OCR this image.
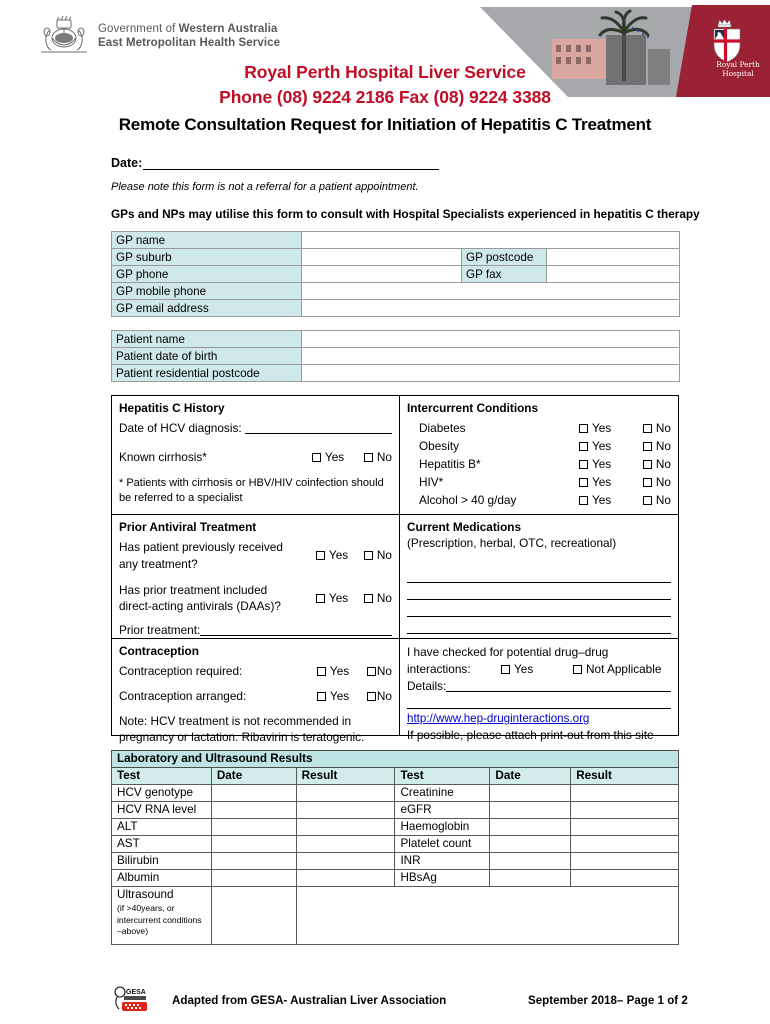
Government of Western Australia
East Metropolitan Health Service
Royal Perth
Hospital
Royal Perth Hospital Liver Service
Phone (08) 9224 2186 Fax (08) 9224 3388
Remote Consultation Request for Initiation of Hepatitis C Treatment
Date:
Please note this form is not a referral for a patient appointment.
GPs and NPs may utilise this form to consult with Hospital Specialists experienced in hepatitis C therapy
GP name			
GP suburb		GP postcode	
GP phone		GP fax	
GP mobile phone			
GP email address			
Patient name	
Patient date of birth	
Patient residential postcode	
Hepatitis C History
Date of HCV diagnosis:
Known cirrhosis*	Yes	No
* Patients with cirrhosis or HBV/HIV coinfection should be referred to a specialist
Prior Antiviral Treatment
Has patient previously received
any treatment?
Yes	No
Has prior treatment included
direct-acting antivirals (DAAs)?
Yes	No
Prior treatment:
Contraception
Contraception required:	Yes	No
Contraception arranged:	Yes	No
Note: HCV treatment is not recommended in pregnancy or lactation. Ribavirin is teratogenic.
Intercurrent Conditions
Diabetes	Yes	No
Obesity	Yes	No
Hepatitis B*	Yes	No
HIV*	Yes	No
Alcohol > 40 g/day	Yes	No
Current Medications
(Prescription, herbal, OTC, recreational)
I have checked for potential drug–drug
interactions:	Yes	Not Applicable
Details:
http://www.hep-druginteractions.org
If possible, please attach print-out from this site
Laboratory and Ultrasound Results					
Test	Date	Result	Test	Date	Result
HCV genotype			Creatinine		
HCV RNA level			eGFR		
ALT			Haemoglobin		
AST			Platelet count		
Bilirubin			INR		
Albumin			HBsAg		

Ultrasound
(if >40years, or intercurrent conditions –above)					

GESA
Adapted from GESA- Australian Liver Association	September 2018– Page 1 of 2
